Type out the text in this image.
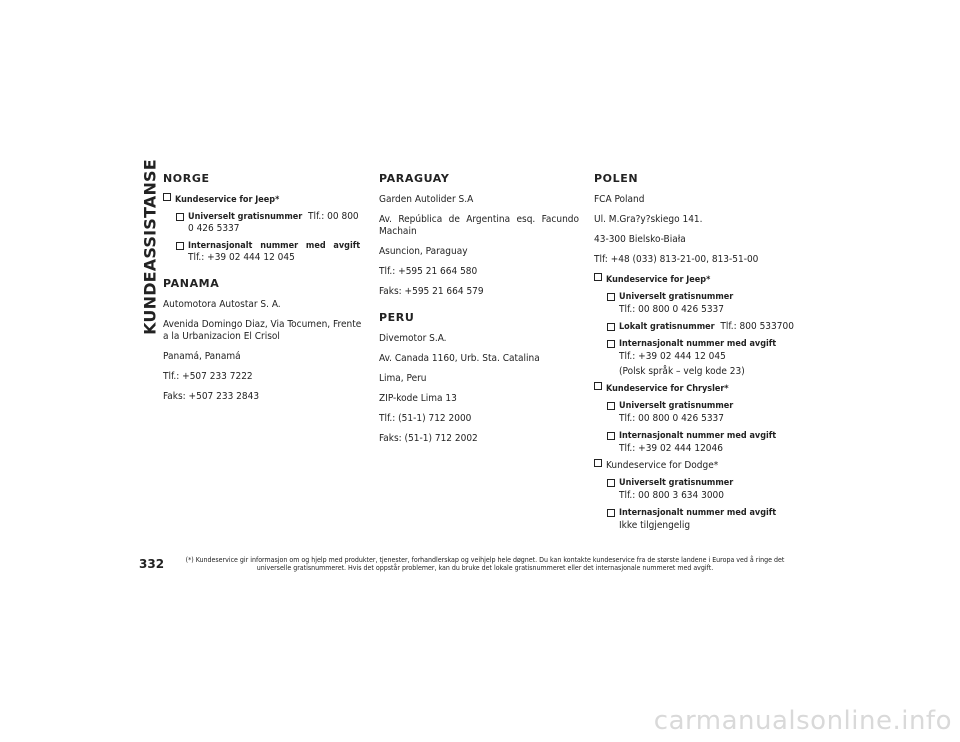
KUNDEASSISTANSE NORGE
Kundeservice for Jeep*
Universelt gratisnummer Tlf.: 00 800 0 426 5337
Internasjonalt nummer med avgift  Tlf.: +39 02 444 12 045
PANAMA

Automotora Autostar S. A.

Avenida Domingo Diaz, Via Tocumen, Frente a la Urbanizacion El Crisol

Panamá, Panamá

Tlf.: +507 233 7222

Faks: +507 233 2843

PARAGUAY

Garden Autolider S.A

Av. República de Argentina esq. Facundo Machain

Asuncion, Paraguay

Tlf.: +595 21 664 580

Faks: +595 21 664 579

PERU

Divemotor S.A.

Av. Canada 1160, Urb. Sta. Catalina

Lima, Peru

ZIP-kode Lima 13

Tlf.: (51-1) 712 2000

Faks: (51-1) 712 2002

POLEN

FCA Poland

Ul. M.Gra?y?skiego 141.

43-300 Bielsko-Biała

Tlf: +48 (033) 813-21-00, 813-51-00

Kundeservice for Jeep*
Universelt gratisnummer
Tlf.: 00 800 0 426 5337
Lokalt gratisnummer Tlf.: 800 533700
Internasjonalt nummer med avgift
Tlf.: +39 02 444 12 045
(Polsk språk – velg kode 23)
Kundeservice for Chrysler*
Universelt gratisnummer
Tlf.: 00 800 0 426 5337
Internasjonalt nummer med avgift
Tlf.: +39 02 444 12046
Kundeservice for Dodge*
Universelt gratisnummer
Tlf.: 00 800 3 634 3000
Internasjonalt nummer med avgift
Ikke tilgjengelig
332	(*) Kundeservice gir informasjon om og hjelp med produkter, tjenester, forhandlerskap og veihjelp hele døgnet. Du kan kontakte kundeservice fra de største landene i Europa ved å ringe det universelle gratisnummeret. Hvis det oppstår problemer, kan du bruke det lokale gratisnummeret eller det internasjonale nummeret med avgift.
carmanualsonline.info
